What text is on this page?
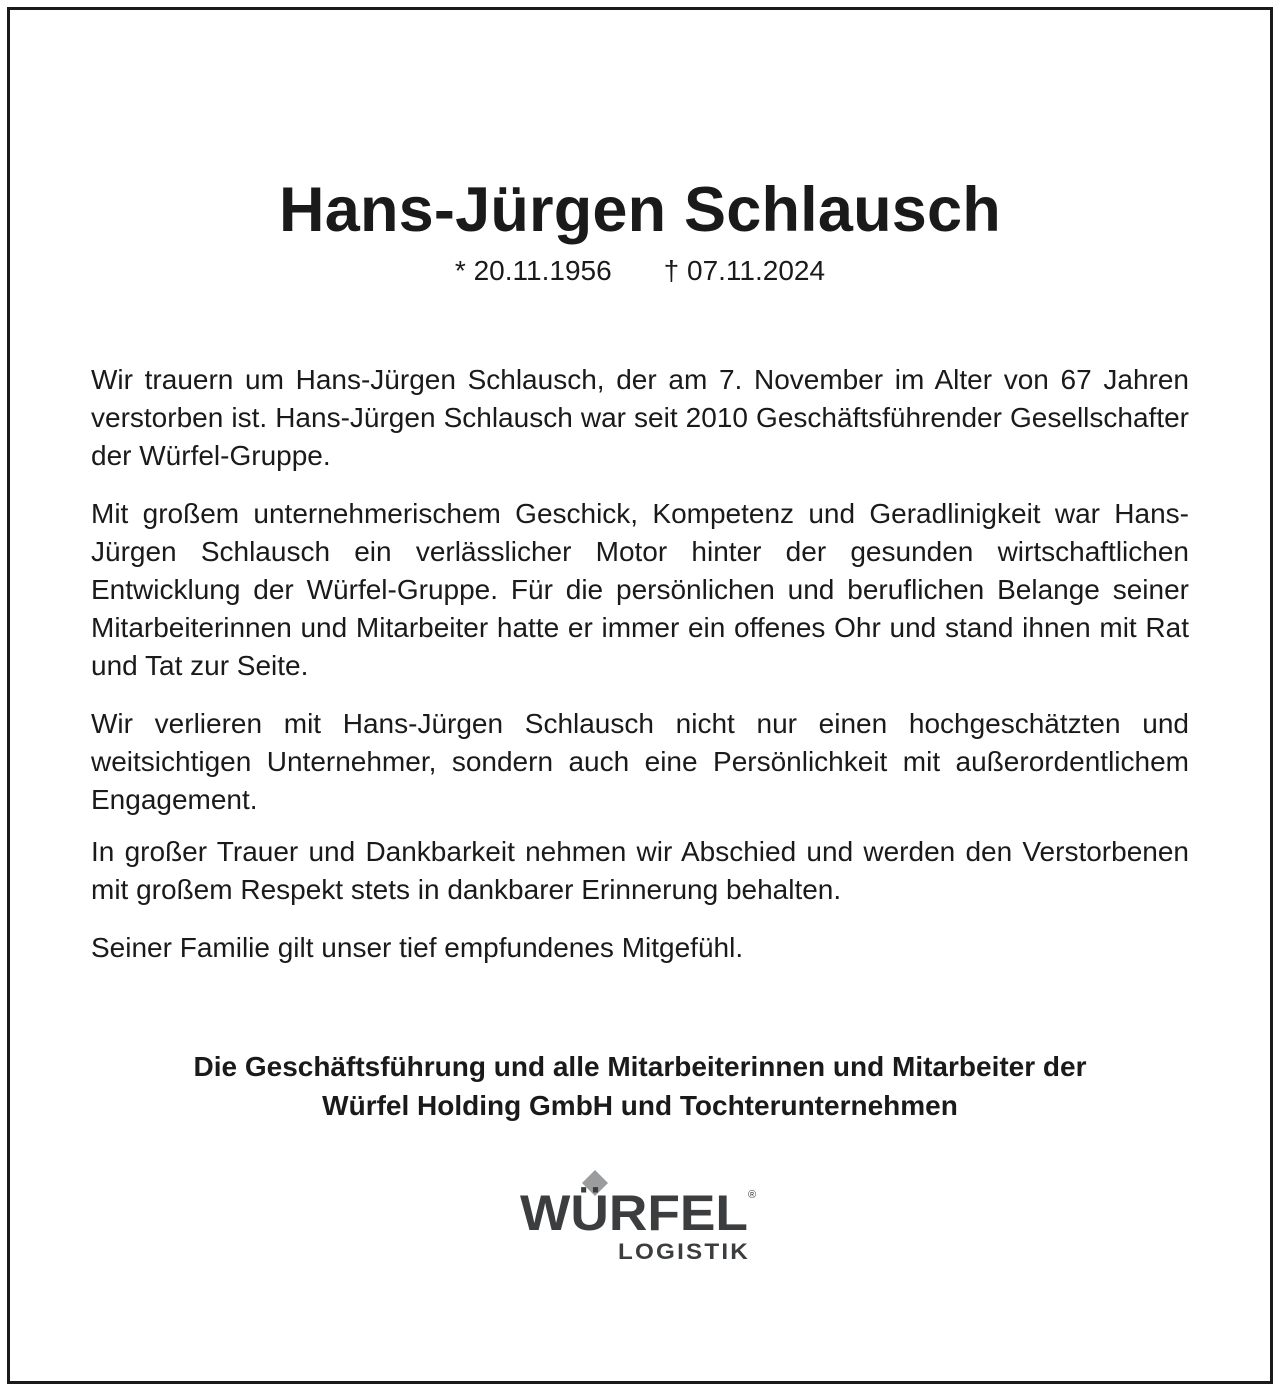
Hans-Jürgen Schlausch
* 20.11.1956 † 07.11.2024

Wir trauern um Hans-Jürgen Schlausch, der am 7. November im Alter von 67 Jahren verstorben ist. Hans-Jürgen Schlausch war seit 2010 Geschäftsführender Gesellschafter der Würfel-Gruppe.

Mit großem unternehmerischem Geschick, Kompetenz und Geradlinigkeit war Hans-Jürgen Schlausch ein verlässlicher Motor hinter der gesunden wirtschaftlichen Entwicklung der Würfel-Gruppe. Für die persönlichen und beruflichen Belange seiner Mitarbeiterinnen und Mitarbeiter hatte er immer ein offenes Ohr und stand ihnen mit Rat und Tat zur Seite.

Wir verlieren mit Hans-Jürgen Schlausch nicht nur einen hochgeschätzten und weitsichtigen Unternehmer, sondern auch eine Persönlichkeit mit außerordentlichem Engagement.

In großer Trauer und Dankbarkeit nehmen wir Abschied und werden den Verstorbenen mit großem Respekt stets in dankbarer Erinnerung behalten.

Seiner Familie gilt unser tief empfundenes Mitgefühl.

Die Geschäftsführung und alle Mitarbeiterinnen und Mitarbeiter der
Würfel Holding GmbH und Tochterunternehmen
WÜRFEL ®
LOGISTIK
